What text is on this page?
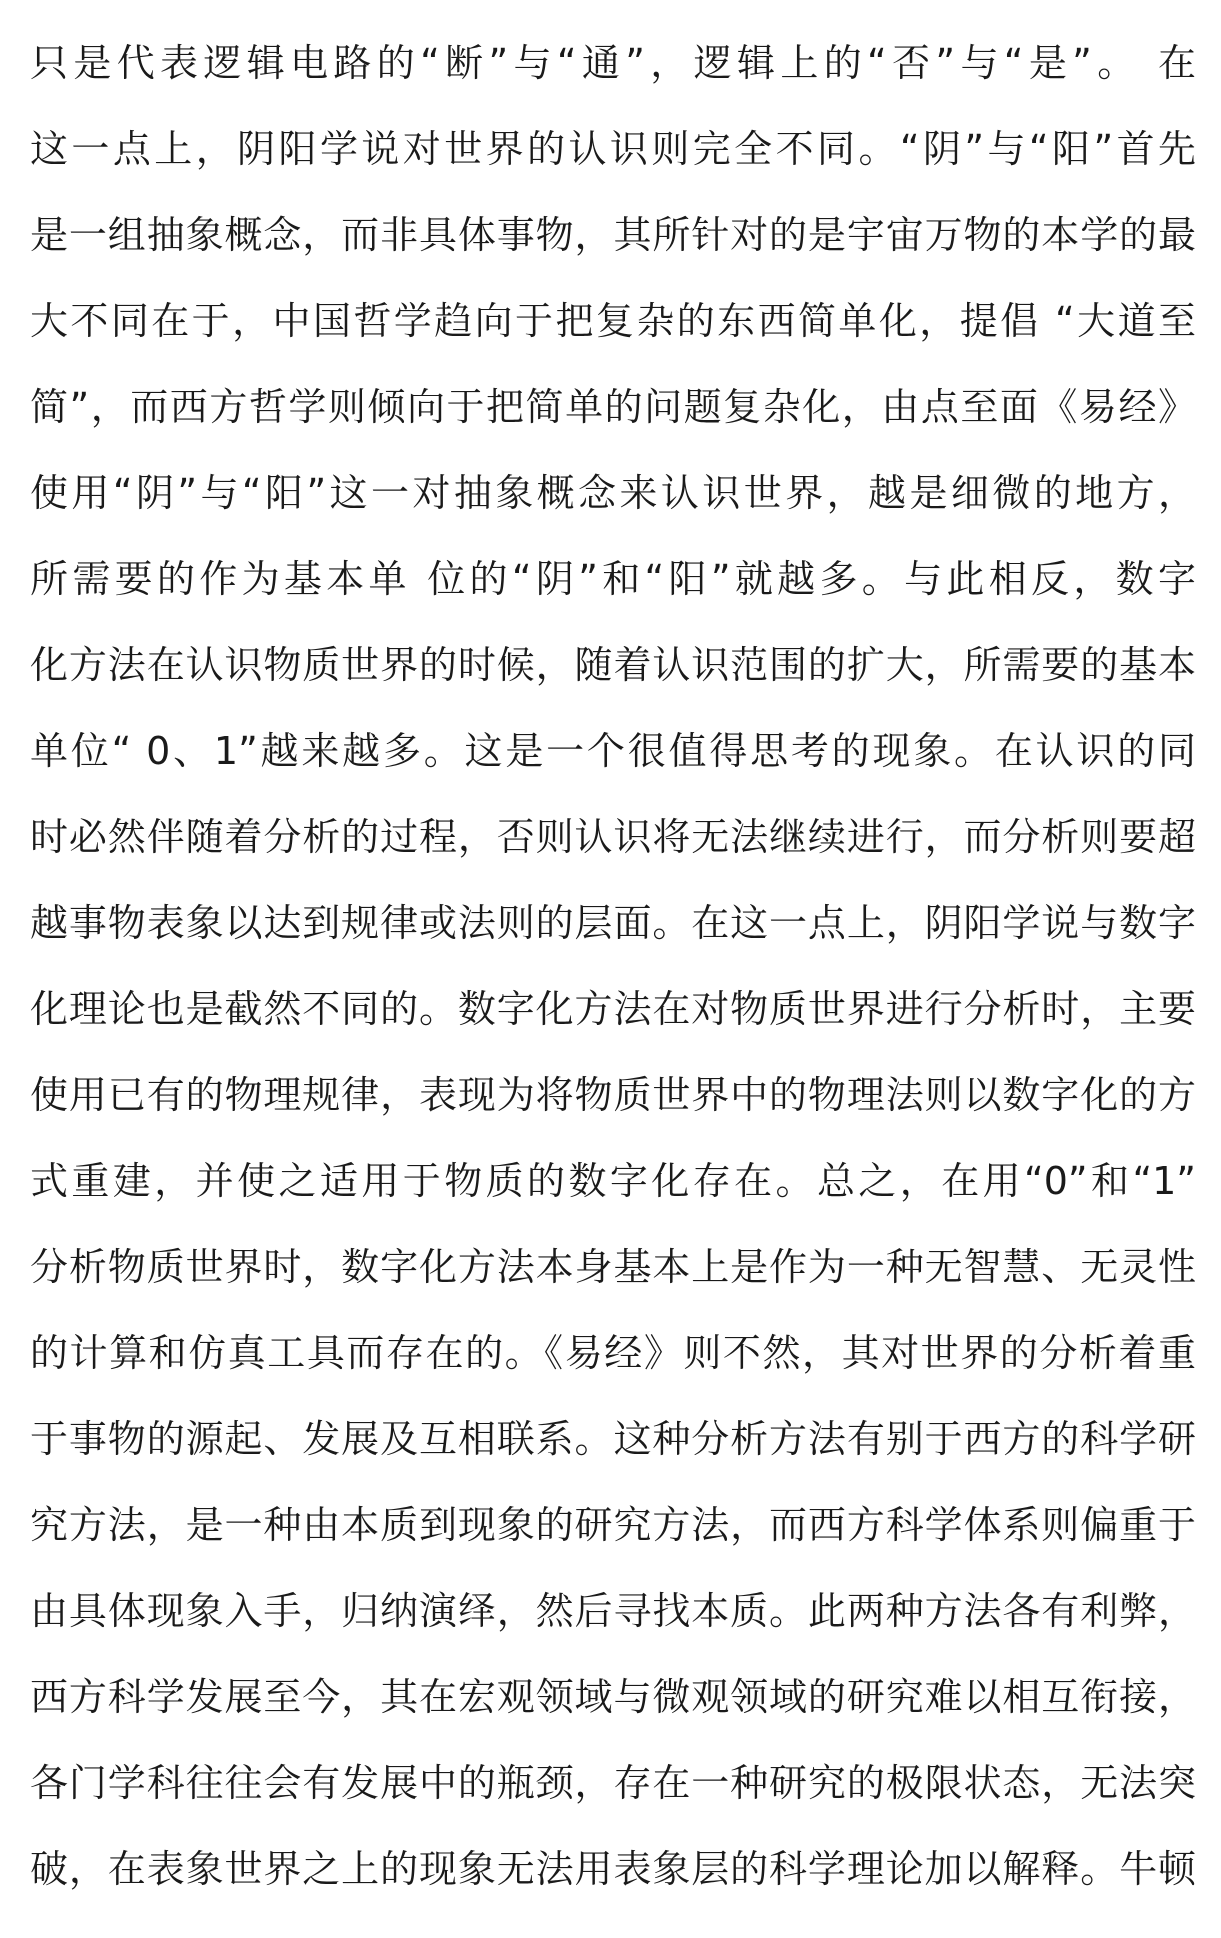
只是代表逻辑电路的“断”与“通”，逻辑上的“否”与“是”。 在
这一点上，阴阳学说对世界的认识则完全不同。“阴”与“阳”首先
是一组抽象概念，而非具体事物，其所针对的是宇宙万物的本学的最
大不同在于，中国哲学趋向于把复杂的东西简单化，提倡 “大道至
简”，而西方哲学则倾向于把简单的问题复杂化，由点至面《易经》
使用“阴”与“阳”这一对抽象概念来认识世界，越是细微的地方，
所需要的作为基本单 位的“阴”和“阳”就越多。与此相反，数字
化方法在认识物质世界的时候，随着认识范围的扩大，所需要的基本
单位“ 0、1”越来越多。这是一个很值得思考的现象。在认识的同
时必然伴随着分析的过程，否则认识将无法继续进行，而分析则要超
越事物表象以达到规律或法则的层面。在这一点上，阴阳学说与数字
化理论也是截然不同的。数字化方法在对物质世界进行分析时，主要
使用已有的物理规律，表现为将物质世界中的物理法则以数字化的方
式重建，并使之适用于物质的数字化存在。总之，在用“0”和“1”
分析物质世界时，数字化方法本身基本上是作为一种无智慧、无灵性
的计算和仿真工具而存在的。《易经》则不然，其对世界的分析着重
于事物的源起、发展及互相联系。这种分析方法有别于西方的科学研
究方法，是一种由本质到现象的研究方法，而西方科学体系则偏重于
由具体现象入手，归纳演绎，然后寻找本质。此两种方法各有利弊，
西方科学发展至今，其在宏观领域与微观领域的研究难以相互衔接，
各门学科往往会有发展中的瓶颈，存在一种研究的极限状态，无法突
破，在表象世界之上的现象无法用表象层的科学理论加以解释。牛顿
